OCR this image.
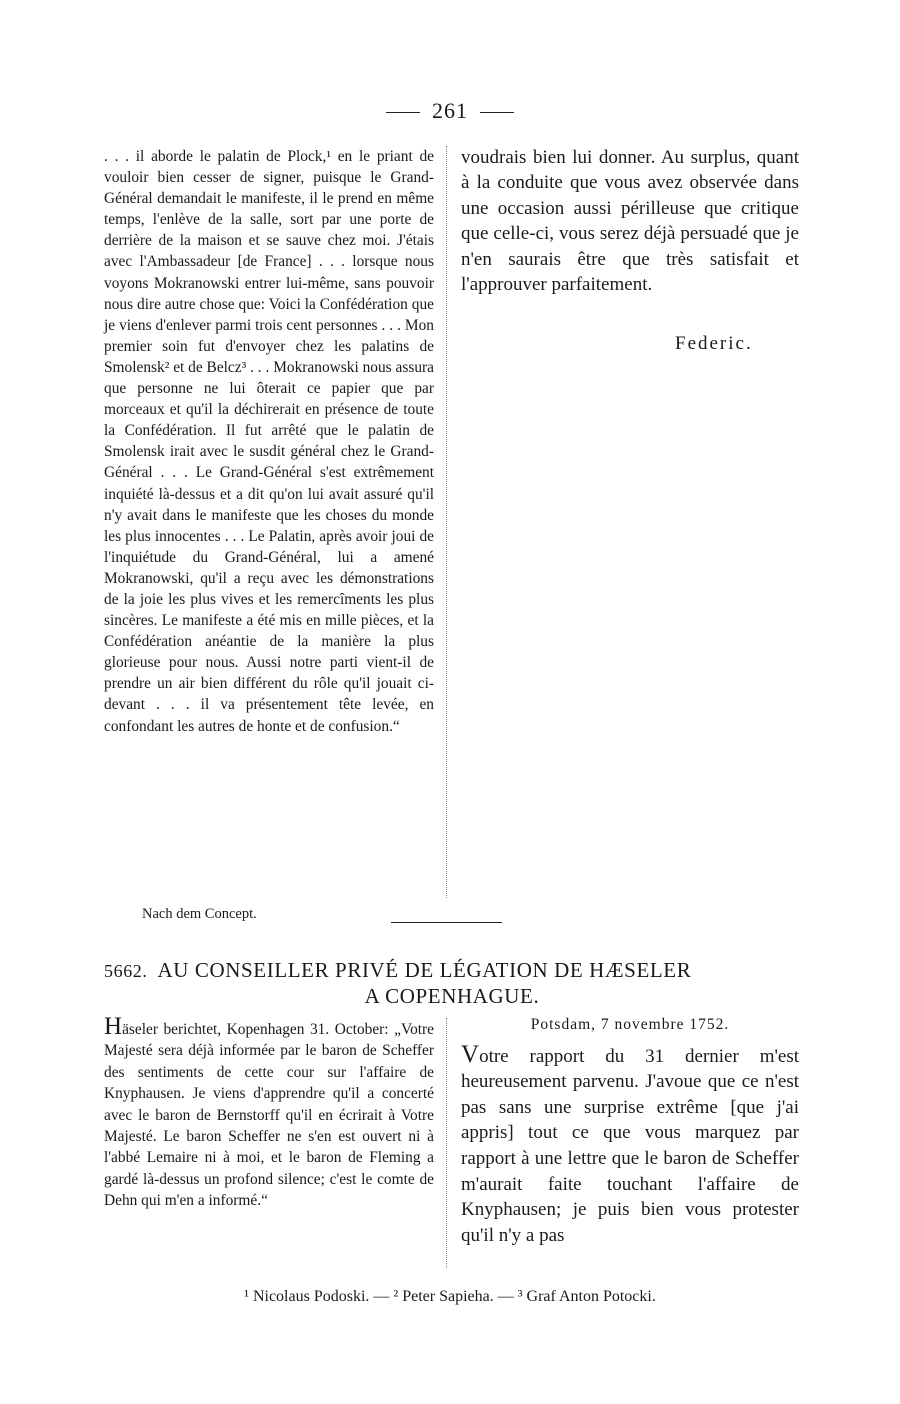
261

. . . il aborde le palatin de Plock,¹ en le priant de vouloir bien cesser de signer, puisque le Grand-Général demandait le manifeste, il le prend en même temps, l'enlève de la salle, sort par une porte de derrière de la maison et se sauve chez moi. J'étais avec l'Ambassadeur [de France] . . . lorsque nous voyons Mokranowski entrer lui-même, sans pouvoir nous dire autre chose que: Voici la Confédération que je viens d'enlever parmi trois cent personnes . . . Mon premier soin fut d'envoyer chez les palatins de Smolensk² et de Belcz³ . . . Mokranowski nous assura que personne ne lui ôterait ce papier que par morceaux et qu'il la déchirerait en présence de toute la Confédération. Il fut arrêté que le palatin de Smolensk irait avec le susdit général chez le Grand-Général . . . Le Grand-Général s'est extrêmement inquiété là-dessus et a dit qu'on lui avait assuré qu'il n'y avait dans le manifeste que les choses du monde les plus innocentes . . . Le Palatin, après avoir joui de l'inquiétude du Grand-Général, lui a amené Mokranowski, qu'il a reçu avec les démonstrations de la joie les plus vives et les remercîments les plus sincères. Le manifeste a été mis en mille pièces, et la Confédération anéantie de la manière la plus glorieuse pour nous. Aussi notre parti vient-il de prendre un air bien différent du rôle qu'il jouait ci-devant . . . il va présentement tête levée, en confondant les autres de honte et de confusion.“

voudrais bien lui donner. Au surplus, quant à la conduite que vous avez observée dans une occasion aussi périlleuse que critique que celle-ci, vous serez déjà persuadé que je n'en saurais être que très satisfait et l'approuver parfaitement.

Federic.
Nach dem Concept.
5662. AU CONSEILLER PRIVÉ DE LÉGATION DE HÆSELER
A COPENHAGUE.

Häseler berichtet, Kopenhagen 31. October: „Votre Majesté sera déjà informée par le baron de Scheffer des sentiments de cette cour sur l'affaire de Knyphausen. Je viens d'apprendre qu'il a concerté avec le baron de Bernstorff qu'il en écrirait à Votre Majesté. Le baron Scheffer ne s'en est ouvert ni à l'abbé Lemaire ni à moi, et le baron de Fleming a gardé là-dessus un profond silence; c'est le comte de Dehn qui m'en a informé.“

Potsdam, 7 novembre 1752.

Votre rapport du 31 dernier m'est heureusement parvenu. J'avoue que ce n'est pas sans une surprise extrême [que j'ai appris] tout ce que vous marquez par rapport à une lettre que le baron de Scheffer m'aurait faite touchant l'affaire de Knyphausen; je puis bien vous protester qu'il n'y a pas

¹ Nicolaus Podoski. — ² Peter Sapieha. — ³ Graf Anton Potocki.
